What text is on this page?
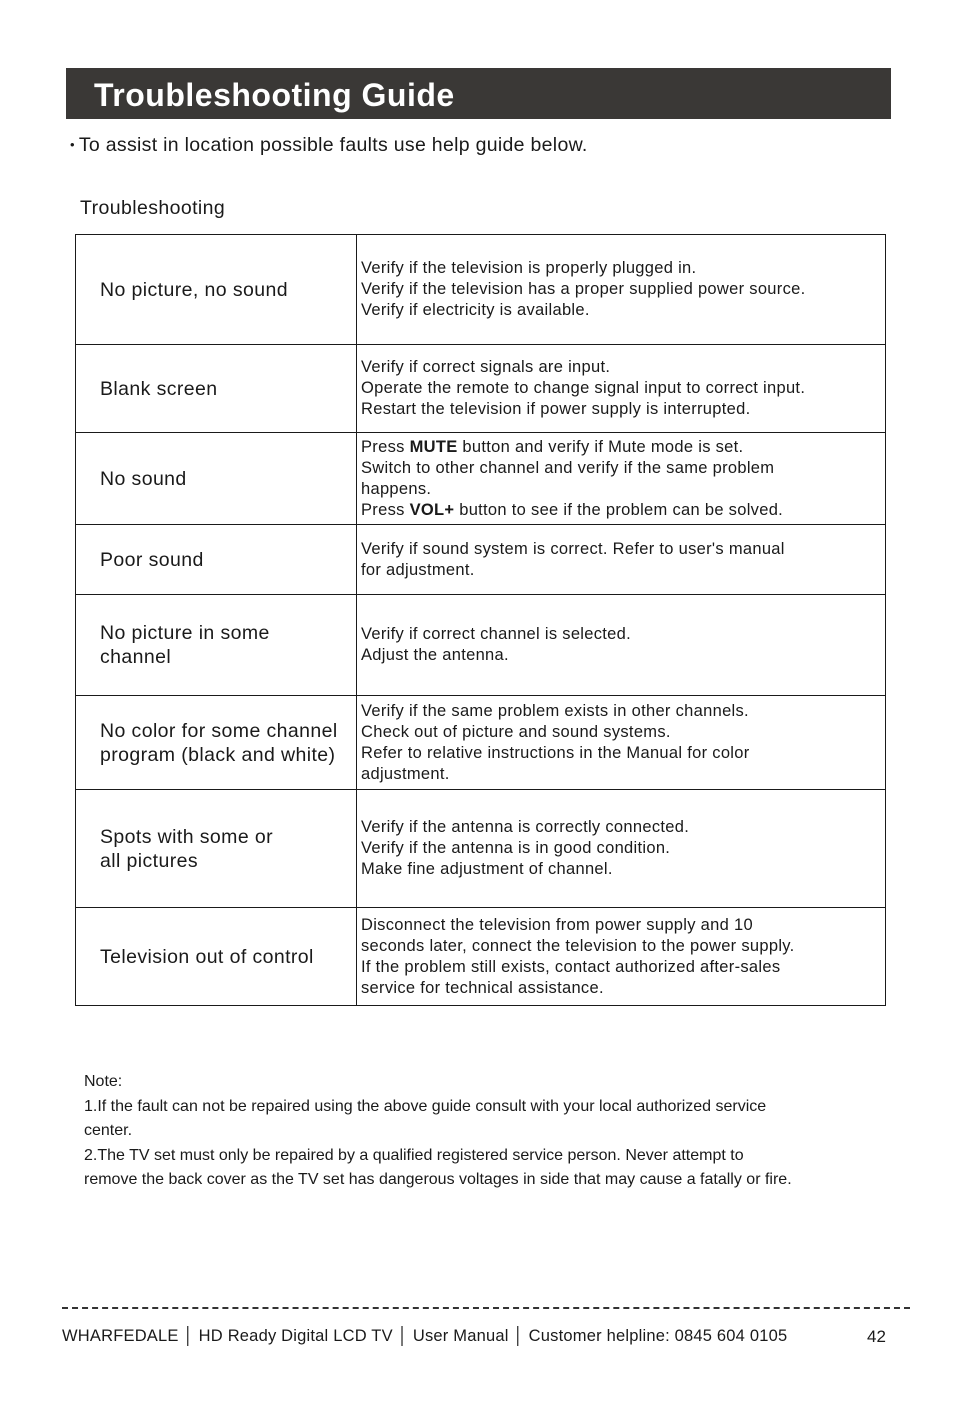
Troubleshooting Guide
• To assist in location possible faults use help guide below.
Troubleshooting
No picture, no sound	Verify if the television is properly plugged in.
Verify if the television has a proper supplied power source.
Verify if electricity is available.

Blank screen	Verify if correct signals are input.
Operate the remote to change signal input to correct input.
Restart the television if power supply is interrupted.

No sound	Press MUTE button and verify if Mute mode is set.
Switch to other channel and verify if the same problem
happens.
Press VOL+ button to see if the problem can be solved.

Poor sound	Verify if sound system is correct. Refer to user's manual
for adjustment.

No picture in some
channel	Verify if correct channel is selected.
Adjust the antenna.

No color for some channel
program (black and white)	Verify if the same problem exists in other channels.
Check out of picture and sound systems.
Refer to relative instructions in the Manual for color
adjustment.

Spots with some or
all pictures	Verify if the antenna is correctly connected.
Verify if the antenna is in good condition.
Make fine adjustment of channel.

Television out of control	Disconnect the television from power supply and 10
seconds later, connect the television to the power supply.
If the problem still exists, contact authorized after-sales
service for technical assistance.
Note:
1.If the fault can not be repaired using the above guide consult with your local authorized service
center.
2.The TV set must only be repaired by a qualified registered service person. Never attempt to
remove the back cover as the TV set has dangerous voltages in side that may cause a fatally or fire.
WHARFEDALE │ HD Ready Digital LCD TV │ User Manual │ Customer helpline: 0845 604 0105	42
